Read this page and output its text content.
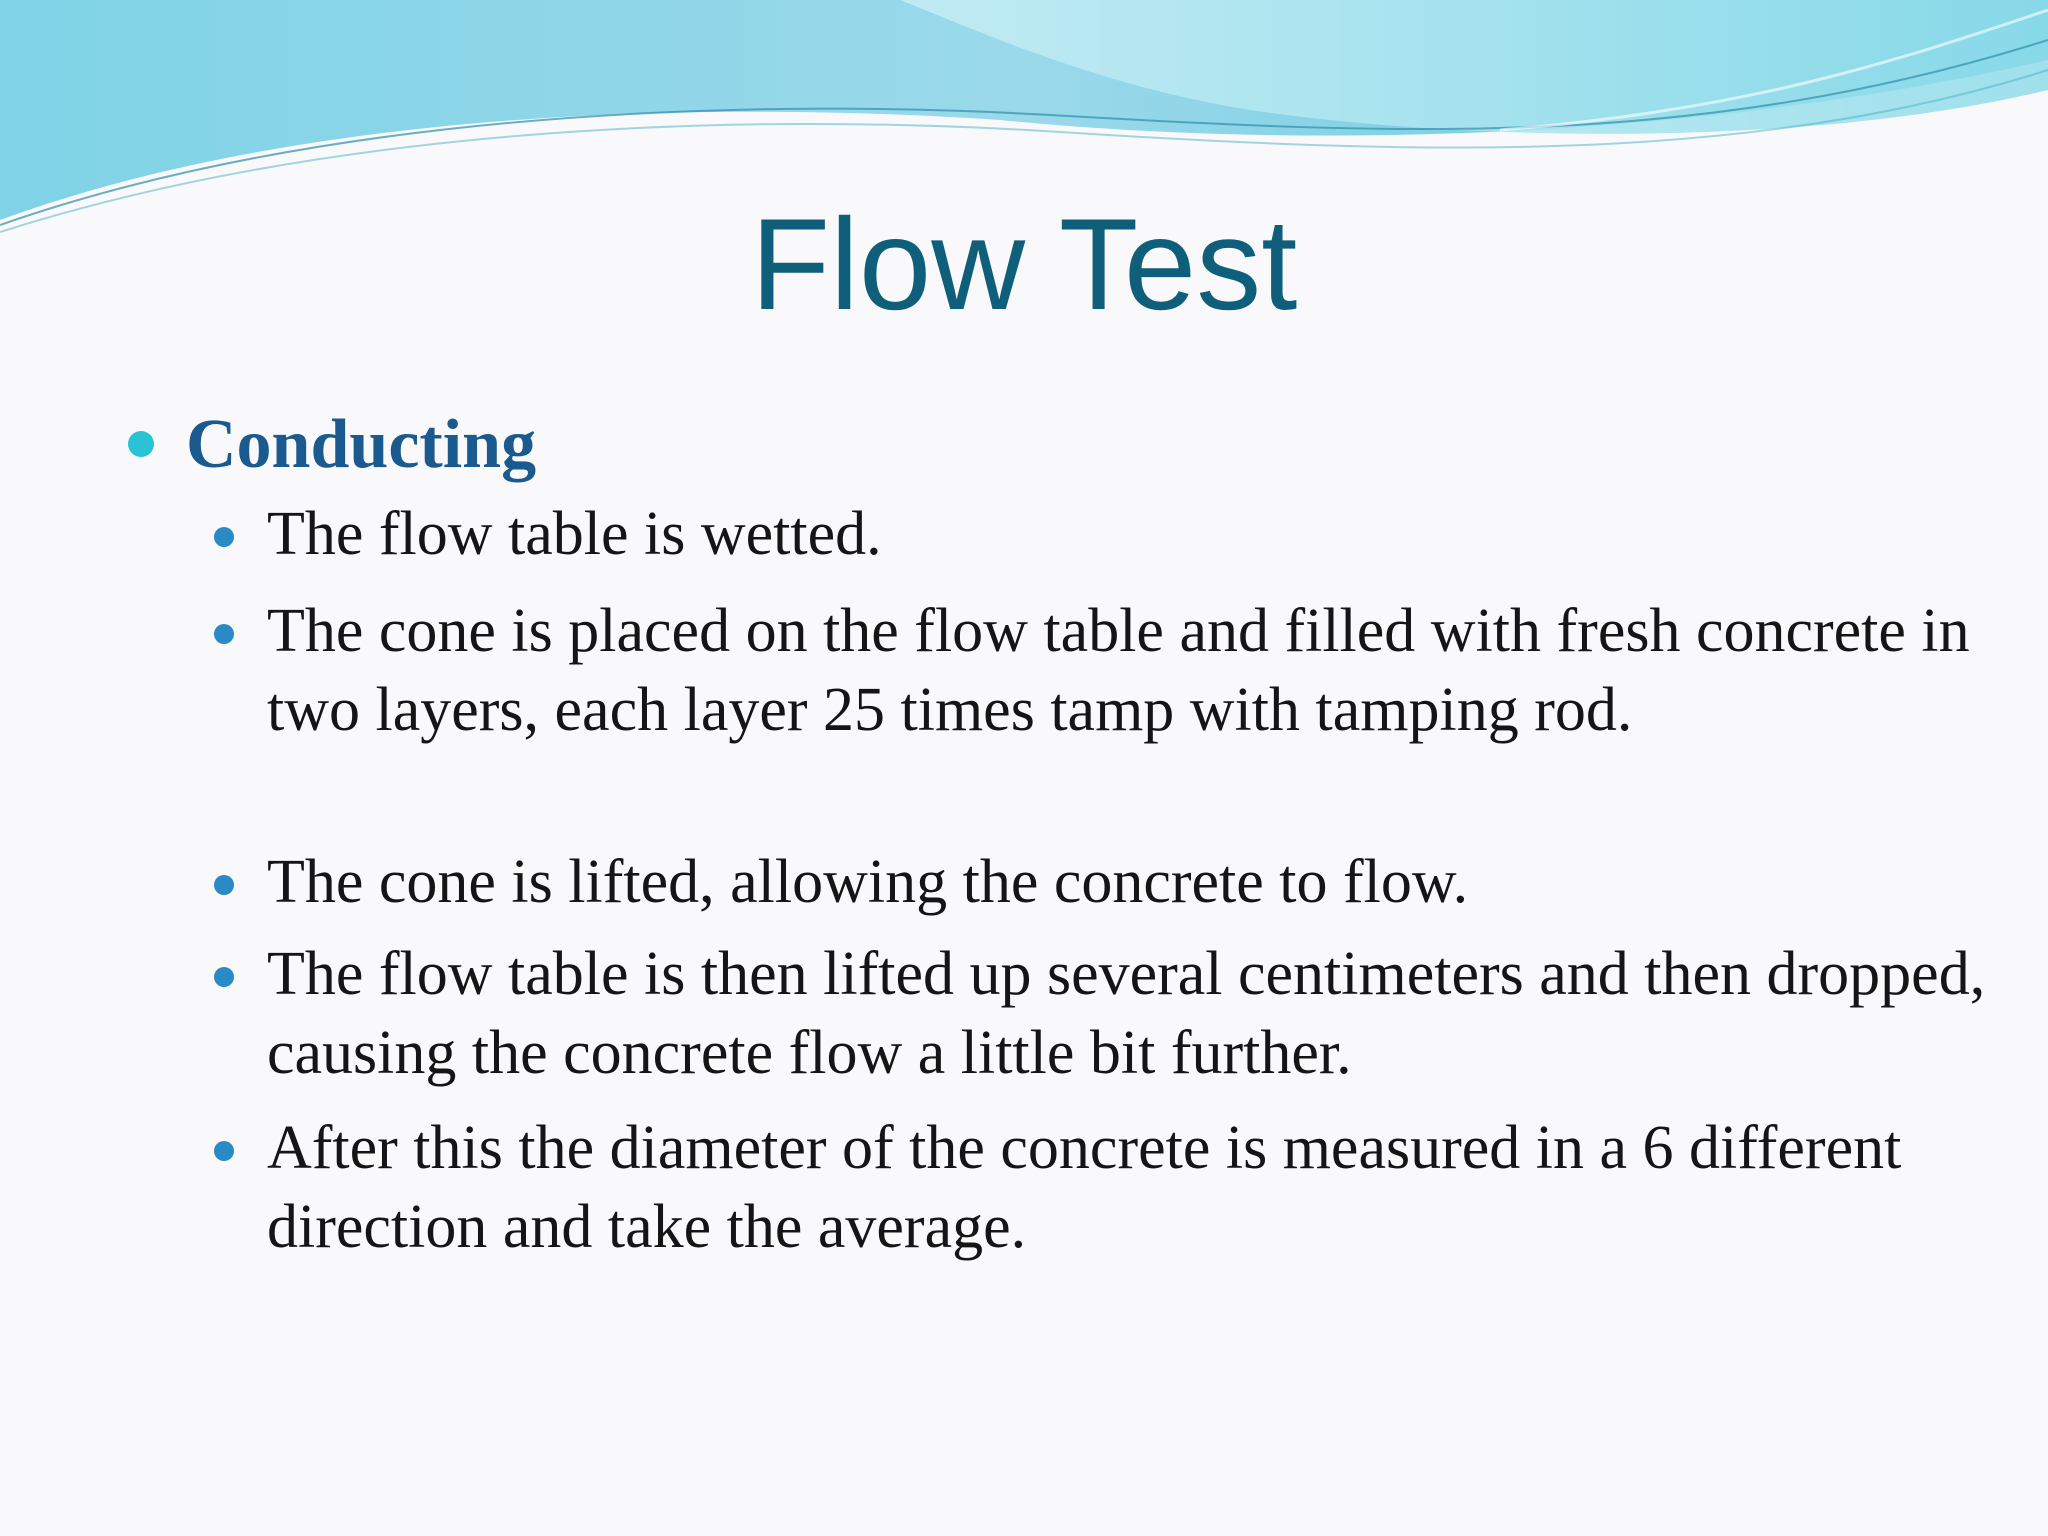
Flow Test
Conducting
The flow table is wetted.
The cone is placed on the flow table and filled with fresh concrete in two layers, each layer 25 times tamp with tamping rod.
The cone is lifted, allowing the concrete to flow.
The flow table is then lifted up several centimeters and then dropped, causing the concrete flow a little bit further.
After this the diameter of the concrete is measured in a 6 different direction and take the average.
